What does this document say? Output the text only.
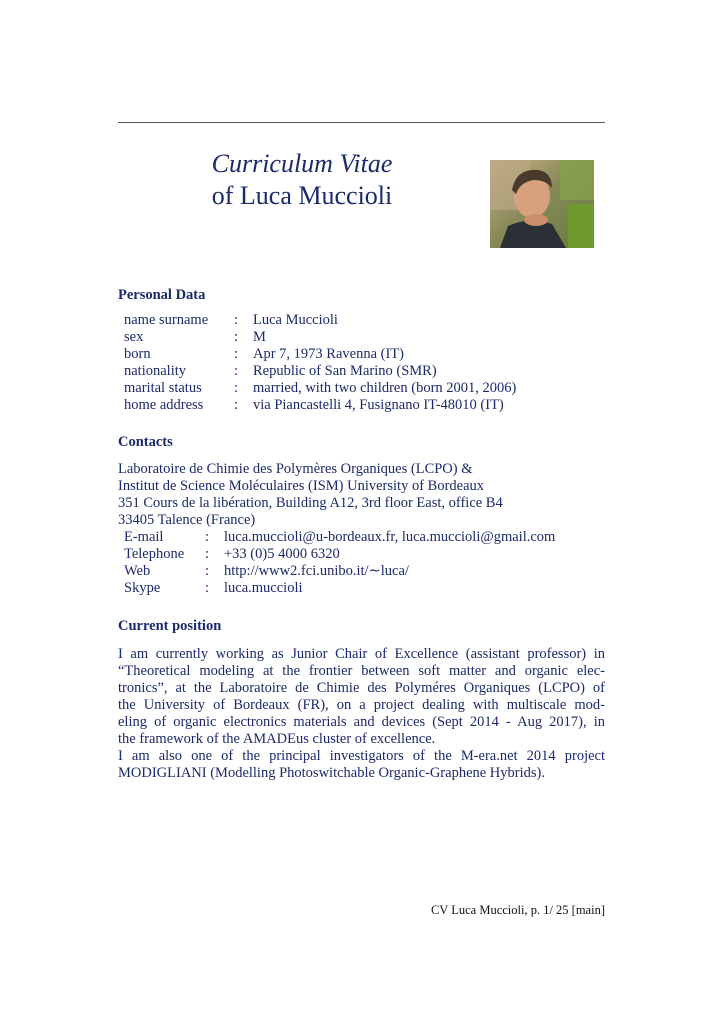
Curriculum Vitae
of Luca Muccioli
Personal Data
name surname	:	Luca Muccioli
sex	:	M
born	:	Apr 7, 1973 Ravenna (IT)
nationality	:	Republic of San Marino (SMR)
marital status	:	married, with two children (born 2001, 2006)
home address	:	via Piancastelli 4, Fusignano IT-48010 (IT)
Contacts
Laboratoire de Chimie des Polymères Organiques (LCPO) &
Institut de Science Moléculaires (ISM) University of Bordeaux
351 Cours de la libération, Building A12, 3rd floor East, office B4
33405 Talence (France)
E-mail	:	luca.muccioli@u-bordeaux.fr, luca.muccioli@gmail.com
Telephone	:	+33 (0)5 4000 6320
Web	:	http://www2.fci.unibo.it/∼luca/
Skype	:	luca.muccioli
Current position
I am currently working as Junior Chair of Excellence (assistant professor) in
“Theoretical modeling at the frontier between soft matter and organic elec-
tronics”, at the Laboratoire de Chimie des Polyméres Organiques (LCPO) of
the University of Bordeaux (FR), on a project dealing with multiscale mod-
eling of organic electronics materials and devices (Sept 2014 - Aug 2017), in
the framework of the AMADEus cluster of excellence.
I am also one of the principal investigators of the M-era.net 2014 project
MODIGLIANI (Modelling Photoswitchable Organic-Graphene Hybrids).
CV Luca Muccioli, p. 1/ 25 [main]
